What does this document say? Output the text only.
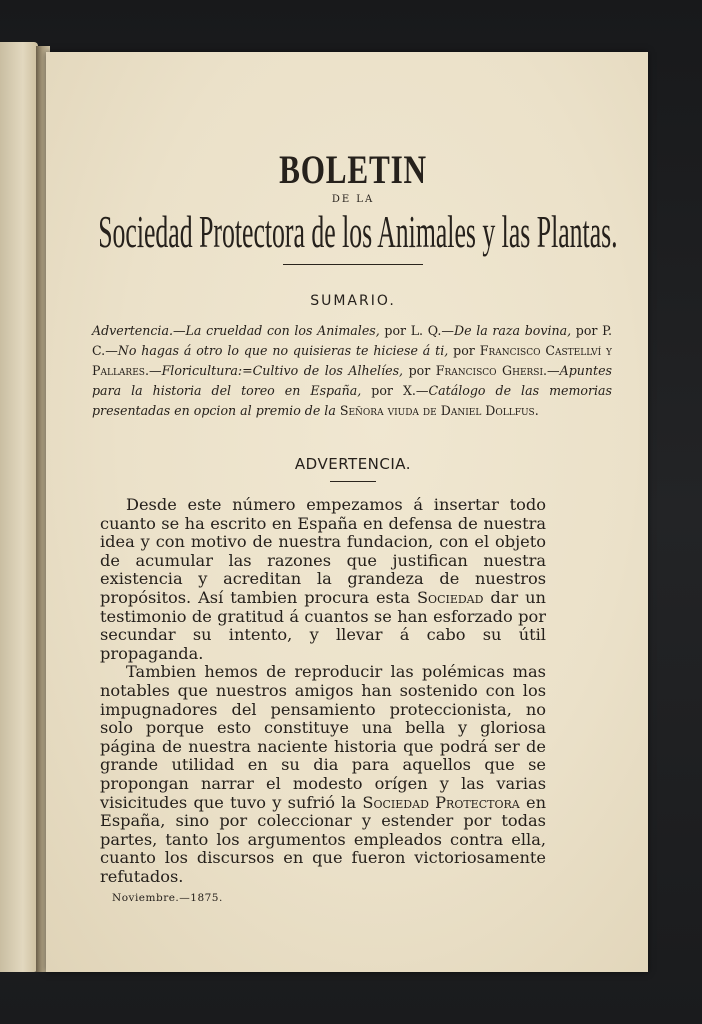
BOLETIN
DE LA
Sociedad Protectora de los Animales y las Plantas.
SUMARIO.
Advertencia.—La crueldad con los Animales, por L. Q.—De la raza bovina, por P. C.—No hagas á otro lo que no quisieras te hiciese á ti, por Francisco Castellví y Pallares.—Floricultura:=Cultivo de los Alhelíes, por Francisco Ghersi.—Apuntes para la historia del toreo en España, por X.—Catálogo de las memorias presentadas en opcion al premio de la Señora viuda de Daniel Dollfus.
ADVERTENCIA.

Desde este número empezamos á insertar todo cuanto se ha escrito en España en defensa de nuestra idea y con motivo de nuestra fundacion, con el objeto de acumular las razones que justifican nuestra existencia y acreditan la grandeza de nuestros propósitos. Así tambien procura esta Sociedad dar un testimonio de gratitud á cuantos se han esforzado por secundar su intento, y llevar á cabo su útil propaganda.

Tambien hemos de reproducir las polémicas mas notables que nuestros amigos han sostenido con los impugnadores del pensamiento proteccionista, no solo porque esto constituye una bella y gloriosa página de nuestra naciente historia que podrá ser de grande utilidad en su dia para aquellos que se propongan narrar el modesto orígen y las varias visicitudes que tuvo y sufrió la Sociedad Protectora en España, sino por coleccionar y estender por todas partes, tanto los argumentos empleados contra ella, cuanto los discursos en que fueron victoriosamente refutados.

Noviembre.—1875.
